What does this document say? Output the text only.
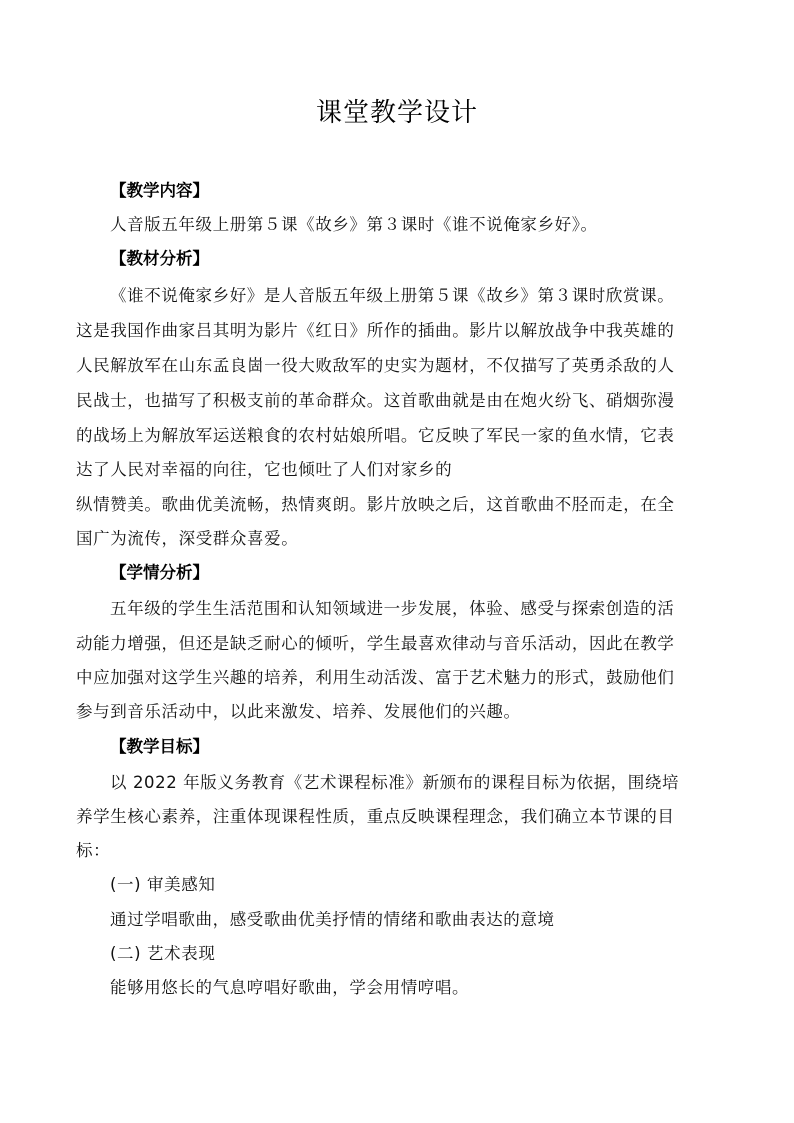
课堂教学设计
【教学内容】
人音版五年级上册第５课《故乡》第３课时《谁不说俺家乡好》。
【教材分析】
《谁不说俺家乡好》是人音版五年级上册第５课《故乡》第３课时欣赏课。
这是我国作曲家吕其明为影片《红日》所作的插曲。影片以解放战争中我英雄的
人民解放军在山东孟良崮一役大败敌军的史实为题材，不仅描写了英勇杀敌的人
民战士，也描写了积极支前的革命群众。这首歌曲就是由在炮火纷飞、硝烟弥漫
的战场上为解放军运送粮食的农村姑娘所唱。它反映了军民一家的鱼水情，它表
达了人民对幸福的向往，它也倾吐了人们对家乡的
纵情赞美。歌曲优美流畅，热情爽朗。影片放映之后，这首歌曲不胫而走，在全
国广为流传，深受群众喜爱。
【学情分析】
五年级的学生生活范围和认知领域进一步发展，体验、感受与探索创造的活
动能力增强，但还是缺乏耐心的倾听，学生最喜欢律动与音乐活动，因此在教学
中应加强对这学生兴趣的培养，利用生动活泼、富于艺术魅力的形式，鼓励他们
参与到音乐活动中，以此来激发、培养、发展他们的兴趣。
【教学目标】
以 2022 年版义务教育《艺术课程标准》新颁布的课程目标为依据，围绕培
养学生核心素养，注重体现课程性质，重点反映课程理念，我们确立本节课的目
标：
(一) 审美感知
通过学唱歌曲，感受歌曲优美抒情的情绪和歌曲表达的意境
(二) 艺术表现
能够用悠长的气息哼唱好歌曲，学会用情哼唱。
